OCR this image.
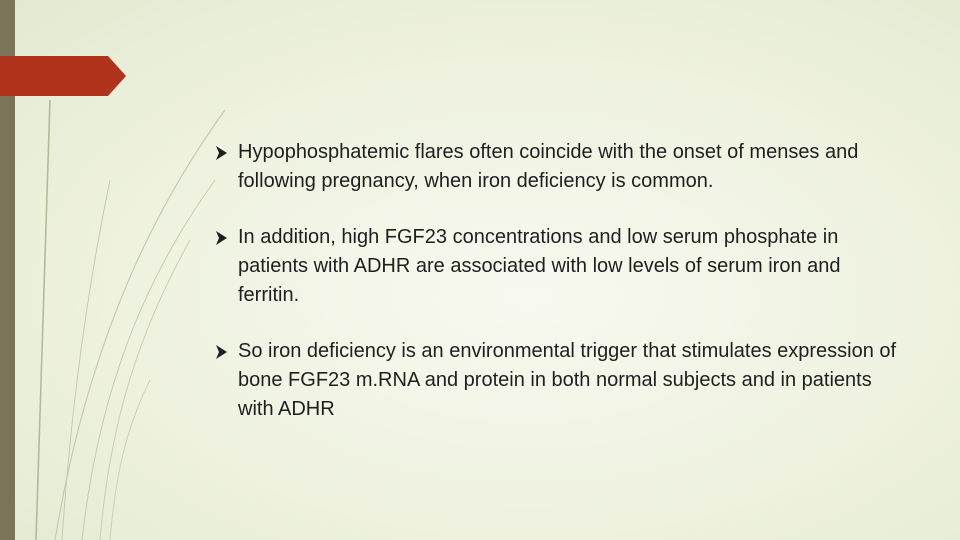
Hypophosphatemic flares often coincide with the onset of menses and following pregnancy, when iron deficiency is common.
In addition, high FGF23 concentrations and low serum phosphate in patients with ADHR are associated with low levels of serum iron and ferritin.
So iron deficiency is an environmental trigger that stimulates expression of bone FGF23 m.RNA and protein in both normal subjects and in patients with ADHR
